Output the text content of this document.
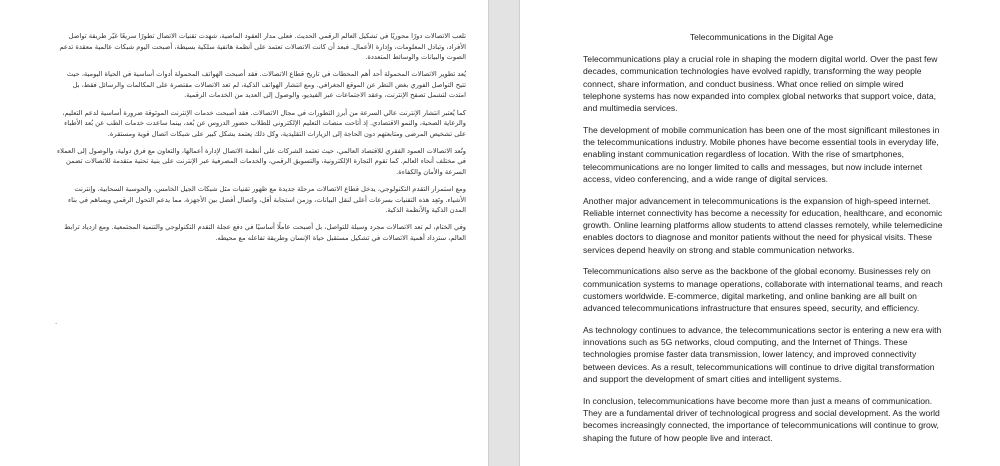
تلعب الاتصالات دورًا محوريًا في تشكيل العالم الرقمي الحديث. فعلى مدار العقود الماضية، شهدت تقنيات الاتصال تطورًا سريعًا غيّر طريقة تواصل الأفراد، وتبادل المعلومات، وإدارة الأعمال. فبعد أن كانت الاتصالات تعتمد على أنظمة هاتفية سلكية بسيطة، أصبحت اليوم شبكات عالمية معقدة تدعم الصوت والبيانات والوسائط المتعددة.

يُعد تطوير الاتصالات المحمولة أحد أهم المحطات في تاريخ قطاع الاتصالات. فقد أصبحت الهواتف المحمولة أدوات أساسية في الحياة اليومية، حيث تتيح التواصل الفوري بغض النظر عن الموقع الجغرافي. ومع انتشار الهواتف الذكية، لم تعد الاتصالات مقتصرة على المكالمات والرسائل فقط، بل امتدت لتشمل تصفح الإنترنت، وعقد الاجتماعات عبر الفيديو، والوصول إلى العديد من الخدمات الرقمية.

كما يُعتبر انتشار الإنترنت عالي السرعة من أبرز التطورات في مجال الاتصالات. فقد أصبحت خدمات الإنترنت الموثوقة ضرورة أساسية لدعم التعليم، والرعاية الصحية، والنمو الاقتصادي. إذ أتاحت منصات التعليم الإلكتروني للطلاب حضور الدروس عن بُعد، بينما ساعدت خدمات الطب عن بُعد الأطباء على تشخيص المرضى ومتابعتهم دون الحاجة إلى الزيارات التقليدية، وكل ذلك يعتمد بشكل كبير على شبكات اتصال قوية ومستقرة.

وتُعد الاتصالات العمود الفقري للاقتصاد العالمي، حيث تعتمد الشركات على أنظمة الاتصال لإدارة أعمالها، والتعاون مع فرق دولية، والوصول إلى العملاء في مختلف أنحاء العالم. كما تقوم التجارة الإلكترونية، والتسويق الرقمي، والخدمات المصرفية عبر الإنترنت على بنية تحتية متقدمة للاتصالات تضمن السرعة والأمان والكفاءة.

ومع استمرار التقدم التكنولوجي، يدخل قطاع الاتصالات مرحلة جديدة مع ظهور تقنيات مثل شبكات الجيل الخامس، والحوسبة السحابية، وإنترنت الأشياء. وتَعِد هذه التقنيات بسرعات أعلى لنقل البيانات، وزمن استجابة أقل، واتصال أفضل بين الأجهزة، مما يدعم التحول الرقمي ويساهم في بناء المدن الذكية والأنظمة الذكية.

وفي الختام، لم تعد الاتصالات مجرد وسيلة للتواصل، بل أصبحت عاملًا أساسيًا في دفع عجلة التقدم التكنولوجي والتنمية المجتمعية. ومع ازدياد ترابط العالم، ستزداد أهمية الاتصالات في تشكيل مستقبل حياة الإنسان وطريقة تفاعله مع محيطه.

.
Telecommunications in the Digital Age

Telecommunications play a crucial role in shaping the modern digital world. Over the past few decades, communication technologies have evolved rapidly, transforming the way people connect, share information, and conduct business. What once relied on simple wired telephone systems has now expanded into complex global networks that support voice, data, and multimedia services.

The development of mobile communication has been one of the most significant milestones in the telecommunications industry. Mobile phones have become essential tools in everyday life, enabling instant communication regardless of location. With the rise of smartphones, telecommunications are no longer limited to calls and messages, but now include internet access, video conferencing, and a wide range of digital services.

Another major advancement in telecommunications is the expansion of high-speed internet. Reliable internet connectivity has become a necessity for education, healthcare, and economic growth. Online learning platforms allow students to attend classes remotely, while telemedicine enables doctors to diagnose and monitor patients without the need for physical visits. These services depend heavily on strong and stable communication networks.

Telecommunications also serve as the backbone of the global economy. Businesses rely on communication systems to manage operations, collaborate with international teams, and reach customers worldwide. E-commerce, digital marketing, and online banking are all built on advanced telecommunications infrastructure that ensures speed, security, and efficiency.

As technology continues to advance, the telecommunications sector is entering a new era with innovations such as 5G networks, cloud computing, and the Internet of Things. These technologies promise faster data transmission, lower latency, and improved connectivity between devices. As a result, telecommunications will continue to drive digital transformation and support the development of smart cities and intelligent systems.

In conclusion, telecommunications have become more than just a means of communication. They are a fundamental driver of technological progress and social development. As the world becomes increasingly connected, the importance of telecommunications will continue to grow, shaping the future of how people live and interact.
